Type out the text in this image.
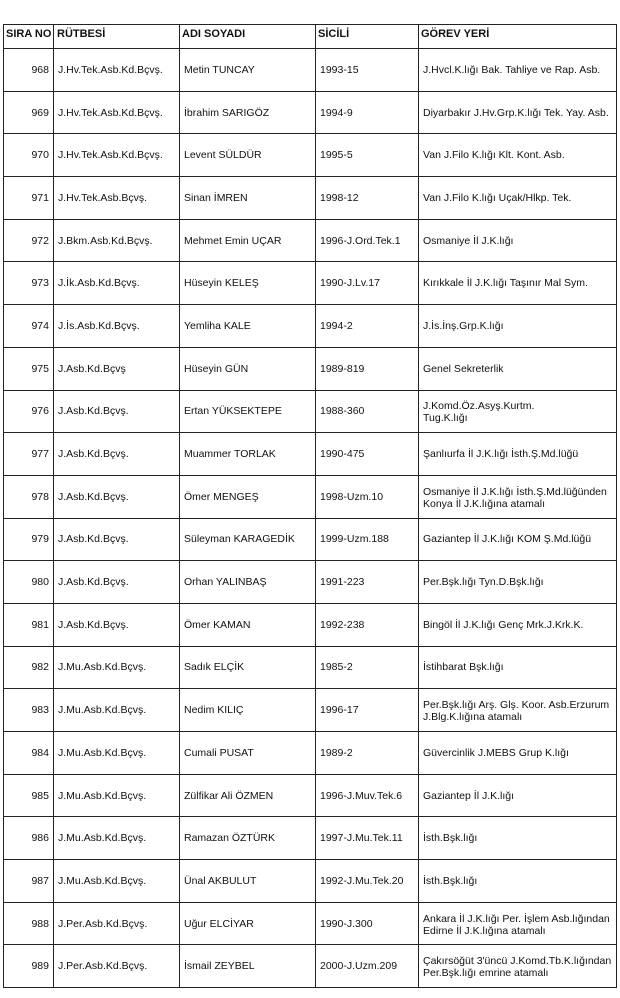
SIRA NO RÜTBESİ	ADI SOYADI	SİCİLİ	GÖREV YERİ

968	J.Hv.Tek.Asb.Kd.Bçvş.	Metin TUNCAY	1993-15	J.Hvcl.K.lığı Bak. Tahliye ve Rap. Asb.

969	J.Hv.Tek.Asb.Kd.Bçvş.	İbrahim SARIGÖZ	1994-9	Diyarbakır J.Hv.Grp.K.lığı Tek. Yay. Asb.

970	J.Hv.Tek.Asb.Kd.Bçvş.	Levent SÜLDÜR	1995-5	Van J.Filo K.lığı Klt. Kont. Asb.

971	J.Hv.Tek.Asb.Bçvş.	Sinan İMREN	1998-12	Van J.Filo K.lığı Uçak/Hlkp. Tek.

972	J.Bkm.Asb.Kd.Bçvş.	Mehmet Emin UÇAR	1996-J.Ord.Tek.1	Osmaniye İl J.K.lığı

973	J.İk.Asb.Kd.Bçvş.	Hüseyin KELEŞ	1990-J.Lv.17	Kırıkkale İl J.K.lığı Taşınır Mal Sym.

974	J.İs.Asb.Kd.Bçvş.	Yemliha KALE	1994-2	J.İs.İnş.Grp.K.lığı

975	J.Asb.Kd.Bçvş	Hüseyin GÜN	1989-819	Genel Sekreterlik

976	J.Asb.Kd.Bçvş.	Ertan YÜKSEKTEPE	1988-360	J.Komd.Öz.Asyş.Kurtm.
Tug.K.lığı

977	J.Asb.Kd.Bçvş.	Muammer TORLAK	1990-475	Şanlıurfa İl J.K.lığı İsth.Ş.Md.lüğü

978	J.Asb.Kd.Bçvş.	Ömer MENGEŞ	1998-Uzm.10	Osmaniye İl J.K.lığı İsth.Ş.Md.lüğünden
Konya İl J.K.lığına atamalı

979	J.Asb.Kd.Bçvş.	Süleyman KARAGEDİK	1999-Uzm.188	Gaziantep İl J.K.lığı KOM Ş.Md.lüğü

980	J.Asb.Kd.Bçvş.	Orhan YALINBAŞ	1991-223	Per.Bşk.lığı Tyn.D.Bşk.lığı

981	J.Asb.Kd.Bçvş.	Ömer KAMAN	1992-238	Bingöl İl J.K.lığı Genç Mrk.J.Krk.K.

982	J.Mu.Asb.Kd.Bçvş.	Sadık ELÇİK	1985-2	İstihbarat Bşk.lığı

983	J.Mu.Asb.Kd.Bçvş.	Nedim KILIÇ	1996-17	Per.Bşk.lığı Arş. Glş. Koor. Asb.Erzurum
J.Blg.K.lığına atamalı

984	J.Mu.Asb.Kd.Bçvş.	Cumali PUSAT	1989-2	Güvercinlik J.MEBS Grup K.lığı

985	J.Mu.Asb.Kd.Bçvş.	Zülfikar Ali ÖZMEN	1996-J.Muv.Tek.6	Gaziantep İl J.K.lığı

986	J.Mu.Asb.Kd.Bçvş.	Ramazan ÖZTÜRK	1997-J.Mu.Tek.11	İsth.Bşk.lığı

987	J.Mu.Asb.Kd.Bçvş.	Ünal AKBULUT	1992-J.Mu.Tek.20	İsth.Bşk.lığı

988	J.Per.Asb.Kd.Bçvş.	Uğur ELCİYAR	1990-J.300	Ankara İl J.K.lığı Per. İşlem Asb.lığından
Edirne İl J.K.lığına atamalı

989	J.Per.Asb.Kd.Bçvş.	İsmail ZEYBEL	2000-J.Uzm.209	Çakırsöğüt 3'üncü J.Komd.Tb.K.lığından
Per.Bşk.lığı emrine atamalı
